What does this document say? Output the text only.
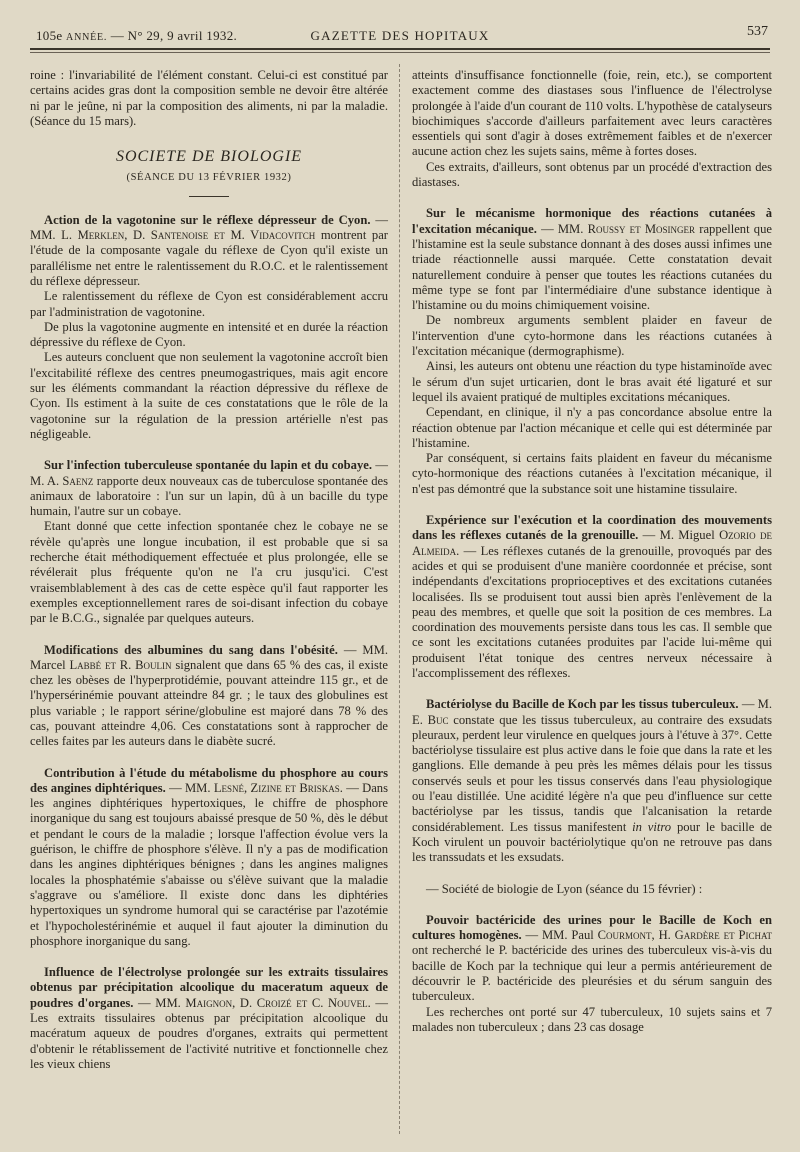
105e ANNÉE. — N° 29, 9 avril 1932.	GAZETTE DES HOPITAUX	537

roine : l'invariabilité de l'élément constant. Celui-ci est constitué par certains acides gras dont la composition semble ne devoir être altérée ni par le jeûne, ni par la composition des aliments, ni par la maladie. (Séance du 15 mars).

SOCIETE DE BIOLOGIE
(SÉANCE DU 13 FÉVRIER 1932)

Action de la vagotonine sur le réflexe dépresseur de Cyon. — MM. L. Merklen, D. Santenoise et M. Vidacovitch montrent par l'étude de la composante vagale du réflexe de Cyon qu'il existe un parallélisme net entre le ralentissement du R.O.C. et le ralentissement du réflexe dépresseur.

Le ralentissement du réflexe de Cyon est considérablement accru par l'administration de vagotonine.

De plus la vagotonine augmente en intensité et en durée la réaction dépressive du réflexe de Cyon.

Les auteurs concluent que non seulement la vagotonine accroît bien l'excitabilité réflexe des centres pneumogastriques, mais agit encore sur les éléments commandant la réaction dépressive du réflexe de Cyon. Ils estiment à la suite de ces constatations que le rôle de la vagotonine sur la régulation de la pression artérielle n'est pas négligeable.

Sur l'infection tuberculeuse spontanée du lapin et du cobaye. — M. A. Saenz rapporte deux nouveaux cas de tuberculose spontanée des animaux de laboratoire : l'un sur un lapin, dû à un bacille du type humain, l'autre sur un cobaye.

Etant donné que cette infection spontanée chez le cobaye ne se révèle qu'après une longue incubation, il est probable que si sa recherche était méthodiquement effectuée et plus prolongée, elle se révélerait plus fréquente qu'on ne l'a cru jusqu'ici. C'est vraisemblablement à des cas de cette espèce qu'il faut rapporter les exemples exceptionnellement rares de soi-disant infection du cobaye par le B.C.G., signalée par quelques auteurs.

Modifications des albumines du sang dans l'obésité. — MM. Marcel Labbé et R. Boulin signalent que dans 65 % des cas, il existe chez les obèses de l'hyperprotidémie, pouvant atteindre 115 gr., et de l'hypersérinémie pouvant atteindre 84 gr. ; le taux des globulines est plus variable ; le rapport sérine/globuline est majoré dans 78 % des cas, pouvant atteindre 4,06. Ces constatations sont à rapprocher de celles faites par les auteurs dans le diabète sucré.

Contribution à l'étude du métabolisme du phosphore au cours des angines diphtériques. — MM. Lesné, Zizine et Briskas. — Dans les angines diphtériques hypertoxiques, le chiffre de phosphore inorganique du sang est toujours abaissé presque de 50 %, dès le début et pendant le cours de la maladie ; lorsque l'affection évolue vers la guérison, le chiffre de phosphore s'élève. Il n'y a pas de modification dans les angines diphtériques bénignes ; dans les angines malignes locales la phosphatémie s'abaisse ou s'élève suivant que la maladie s'aggrave ou s'améliore. Il existe donc dans les diphtéries hypertoxiques un syndrome humoral qui se caractérise par l'azotémie et l'hypocholestérinémie et auquel il faut ajouter la diminution du phosphore inorganique du sang.

Influence de l'électrolyse prolongée sur les extraits tissulaires obtenus par précipitation alcoolique du maceratum aqueux de poudres d'organes. — MM. Maignon, D. Croizé et C. Nouvel. — Les extraits tissulaires obtenus par précipitation alcoolique du macératum aqueux de poudres d'organes, extraits qui permettent d'obtenir le rétablissement de l'activité nutritive et fonctionnelle chez les vieux chiens

atteints d'insuffisance fonctionnelle (foie, rein, etc.), se comportent exactement comme des diastases sous l'influence de l'électrolyse prolongée à l'aide d'un courant de 110 volts. L'hypothèse de catalyseurs biochimiques s'accorde d'ailleurs parfaitement avec leurs caractères essentiels qui sont d'agir à doses extrêmement faibles et de n'exercer aucune action chez les sujets sains, même à fortes doses.

Ces extraits, d'ailleurs, sont obtenus par un procédé d'extraction des diastases.

Sur le mécanisme hormonique des réactions cutanées à l'excitation mécanique. — MM. Roussy et Mosinger rappellent que l'histamine est la seule substance donnant à des doses aussi infimes une triade réactionnelle aussi marquée. Cette constatation devait naturellement conduire à penser que toutes les réactions cutanées du même type se font par l'intermédiaire d'une substance identique à l'histamine ou du moins chimiquement voisine.

De nombreux arguments semblent plaider en faveur de l'intervention d'une cyto-hormone dans les réactions cutanées à l'excitation mécanique (dermographisme).

Ainsi, les auteurs ont obtenu une réaction du type histaminoïde avec le sérum d'un sujet urticarien, dont le bras avait été ligaturé et sur lequel ils avaient pratiqué de multiples excitations mécaniques.

Cependant, en clinique, il n'y a pas concordance absolue entre la réaction obtenue par l'action mécanique et celle qui est déterminée par l'histamine.

Par conséquent, si certains faits plaident en faveur du mécanisme cyto-hormonique des réactions cutanées à l'excitation mécanique, il n'est pas démontré que la substance soit une histamine tissulaire.

Expérience sur l'exécution et la coordination des mouvements dans les réflexes cutanés de la grenouille. — M. Miguel Ozorio de Almeida. — Les réflexes cutanés de la grenouille, provoqués par des acides et qui se produisent d'une manière coordonnée et précise, sont indépendants d'excitations proprioceptives et des excitations cutanées localisées. Ils se produisent tout aussi bien après l'enlèvement de la peau des membres, et quelle que soit la position de ces membres. La coordination des mouvements persiste dans tous les cas. Il semble que ce sont les excitations cutanées produites par l'acide lui-même qui produisent l'état tonique des centres nerveux nécessaire à l'accomplissement des réflexes.

Bactériolyse du Bacille de Koch par les tissus tuberculeux. — M. E. Buc constate que les tissus tuberculeux, au contraire des exsudats pleuraux, perdent leur virulence en quelques jours à l'étuve à 37°. Cette bactériolyse tissulaire est plus active dans le foie que dans la rate et les ganglions. Elle demande à peu près les mêmes délais pour les tissus conservés seuls et pour les tissus conservés dans l'eau physiologique ou l'eau distillée. Une acidité légère n'a que peu d'influence sur cette bactériolyse par les tissus, tandis que l'alcanisation la retarde considérablement. Les tissus manifestent in vitro pour le bacille de Koch virulent un pouvoir bactériolytique qu'on ne retrouve pas dans les transsudats et les exsudats.

— Société de biologie de Lyon (séance du 15 février) :

Pouvoir bactéricide des urines pour le Bacille de Koch en cultures homogènes. — MM. Paul Courmont, H. Gardère et Pichat ont recherché le P. bactéricide des urines des tuberculeux vis-à-vis du bacille de Koch par la technique qui leur a permis antérieurement de découvrir le P. bactéricide des pleurésies et du sérum sanguin des tuberculeux.

Les recherches ont porté sur 47 tuberculeux, 10 sujets sains et 7 malades non tuberculeux ; dans 23 cas dosage
